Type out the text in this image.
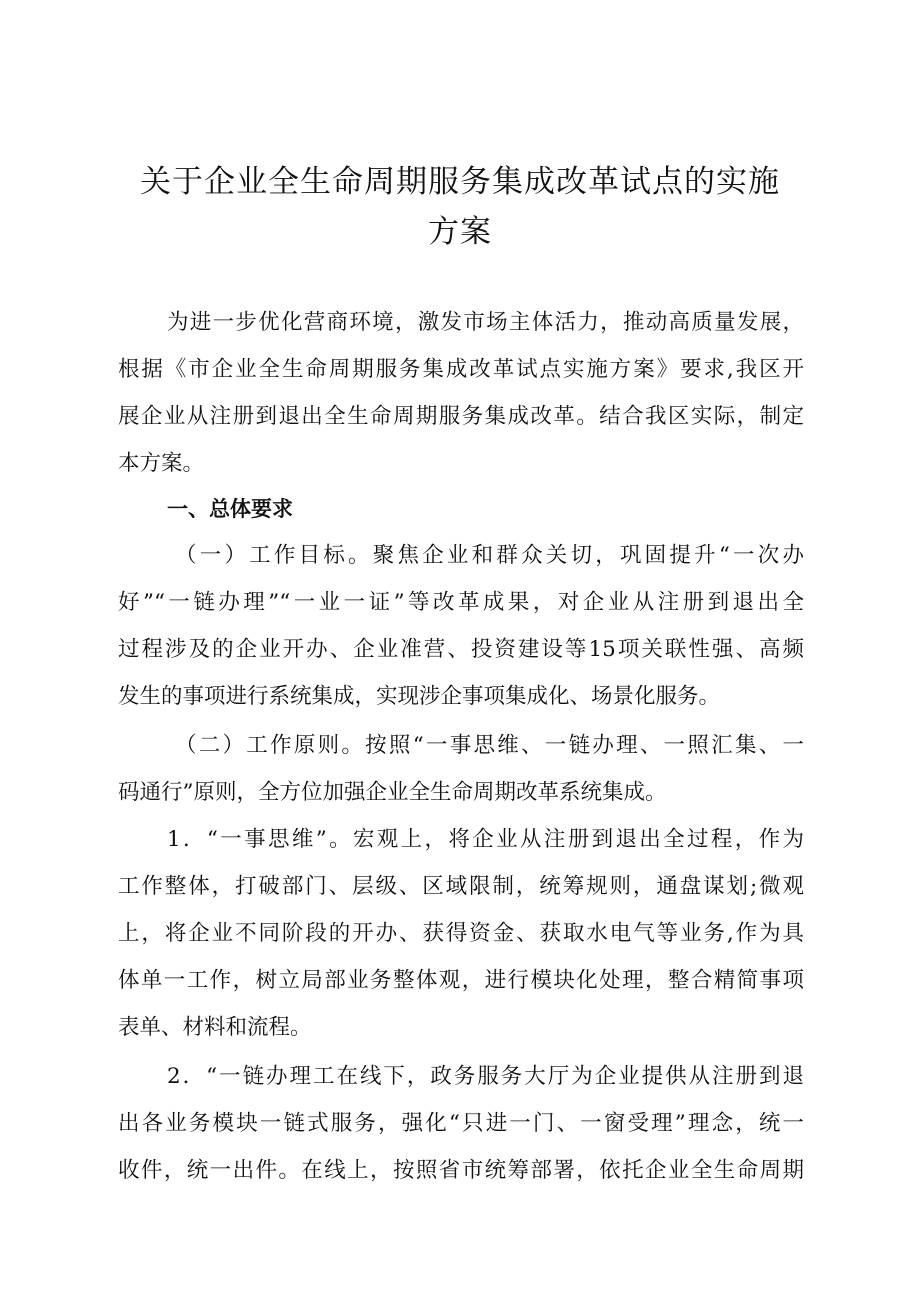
关于企业全生命周期服务集成改革试点的实施
方案

为进一步优化营商环境，激发市场主体活力，推动高质量发展，

根据《市企业全生命周期服务集成改革试点实施方案》要求,我区开

展企业从注册到退出全生命周期服务集成改革。结合我区实际，制定

本方案。

一、总体要求

（一）工作目标。聚焦企业和群众关切，巩固提升“一次办

好”“一链办理”“一业一证”等改革成果，对企业从注册到退出全

过程涉及的企业开办、企业准营、投资建设等15项关联性强、高频

发生的事项进行系统集成，实现涉企事项集成化、场景化服务。

（二）工作原则。按照“一事思维、一链办理、一照汇集、一

码通行”原则，全方位加强企业全生命周期改革系统集成。

1．“一事思维”。宏观上，将企业从注册到退出全过程，作为

工作整体，打破部门、层级、区域限制，统筹规则，通盘谋划;微观

上，将企业不同阶段的开办、获得资金、获取水电气等业务,作为具

体单一工作，树立局部业务整体观，进行模块化处理，整合精简事项

表单、材料和流程。

2．“一链办理工在线下，政务服务大厅为企业提供从注册到退

出各业务模块一链式服务，强化“只进一门、一窗受理”理念，统一

收件，统一出件。在线上，按照省市统筹部署，依托企业全生命周期
